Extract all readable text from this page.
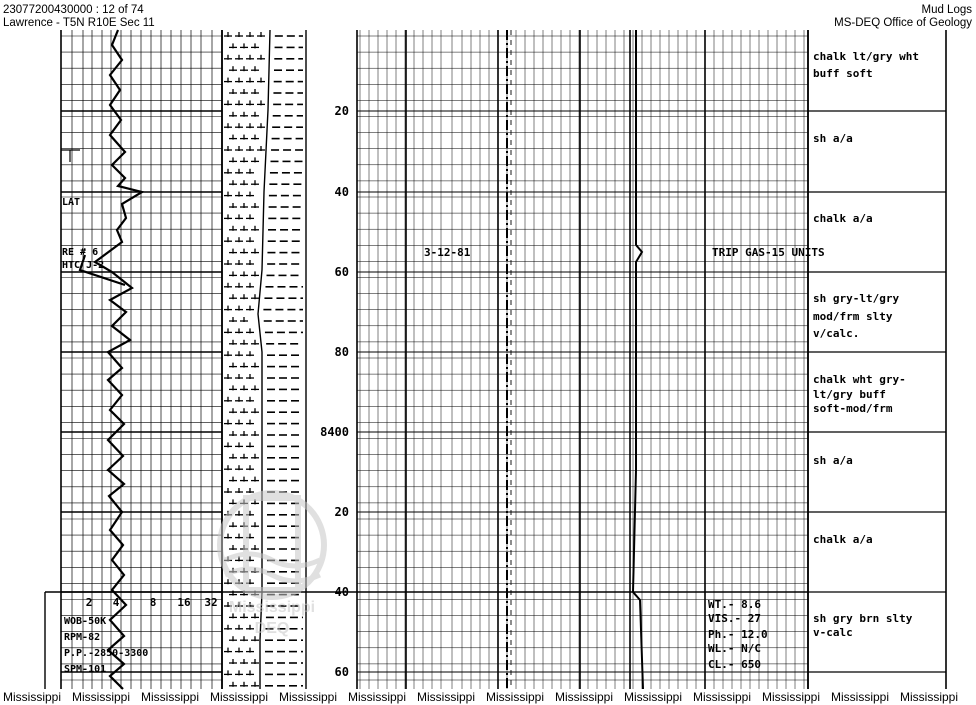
23077200430000 : 12 of 74
Lawrence - T5N R10E Sec 11
Mud Logs
MS-DEQ Office of Geology
chalk lt/gry wht
buff soft
sh a/a
chalk a/a
sh gry-lt/gry
mod/frm slty
v/calc.
chalk wht gry-
lt/gry buff
soft-mod/frm
sh a/a
chalk a/a
sh gry brn slty
v-calc
Mississippi
DEQ
20
40
60
80
8400
20
40
60
LAT
RE # 6
HTC J-2
2 4	8 16 32
WOB-50K
RPM-82
P.P.-2850-3300
SPM-101
3-12-81	TRIP GAS-15 UNITS
WT.- 8.6
VIS.- 27
Ph.- 12.0
WL.- N/C
CL.- 650
Mississippi Mississippi Mississippi Mississippi Mississippi Mississippi Mississippi Mississippi Mississippi Mississippi Mississippi Mississippi Mississippi Mississippi
